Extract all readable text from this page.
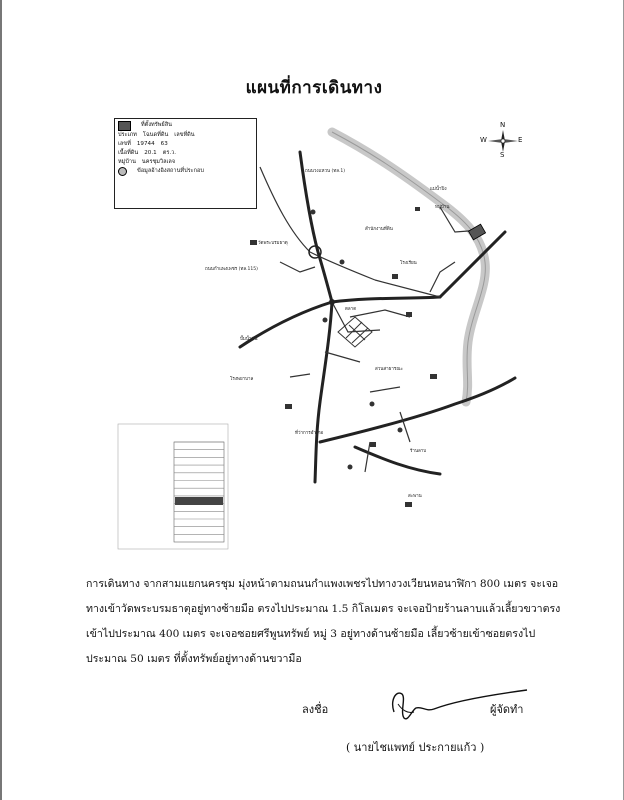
แผนที่การเดินทาง
ถนนวงแหวน (ทล.1)
ถนนกำแพงเพชร (ทล.115)
แม่น้ำปิง
สำนักงานที่ดิน
วัดพระบรมธาตุ
โรงเรียน
ตลาด
โรงพยาบาล
สวนสาธารณะ
ที่ว่าการอำเภอ
สะพาน
ร้านลาบ
ปั๊มน้ำมัน
หมู่บ้าน
ที่ตั้งทรัพย์สิน
ประเภท โฉนดที่ดิน เลขที่ดิน
เลขที่ 19744 63
เนื้อที่ดิน 20.1 ตร.ว.
หมู่บ้าน นครชุมวิลเลจ
ข้อมูลอ้างอิงสถานที่ประกอบ
N
S
W	E
การเดินทาง จากสามแยกนครชุม มุ่งหน้าตามถนนกำแพงเพชรไปทางวงเวียนหอนาฬิกา 800 เมตร จะเจอ
ทางเข้าวัดพระบรมธาตุอยู่ทางซ้ายมือ ตรงไปประมาณ 1.5 กิโลเมตร จะเจอป้ายร้านลาบแล้วเลี้ยวขวาตรง
เข้าไปประมาณ 400 เมตร จะเจอซอยศรีพูนทรัพย์ หมู่ 3 อยู่ทางด้านซ้ายมือ เลี้ยวซ้ายเข้าซอยตรงไป
ประมาณ 50 เมตร ที่ตั้งทรัพย์อยู่ทางด้านขวามือ
ลงชื่อ	ผู้จัดทำ
( นายไชแพทย์ ประกายแก้ว )
